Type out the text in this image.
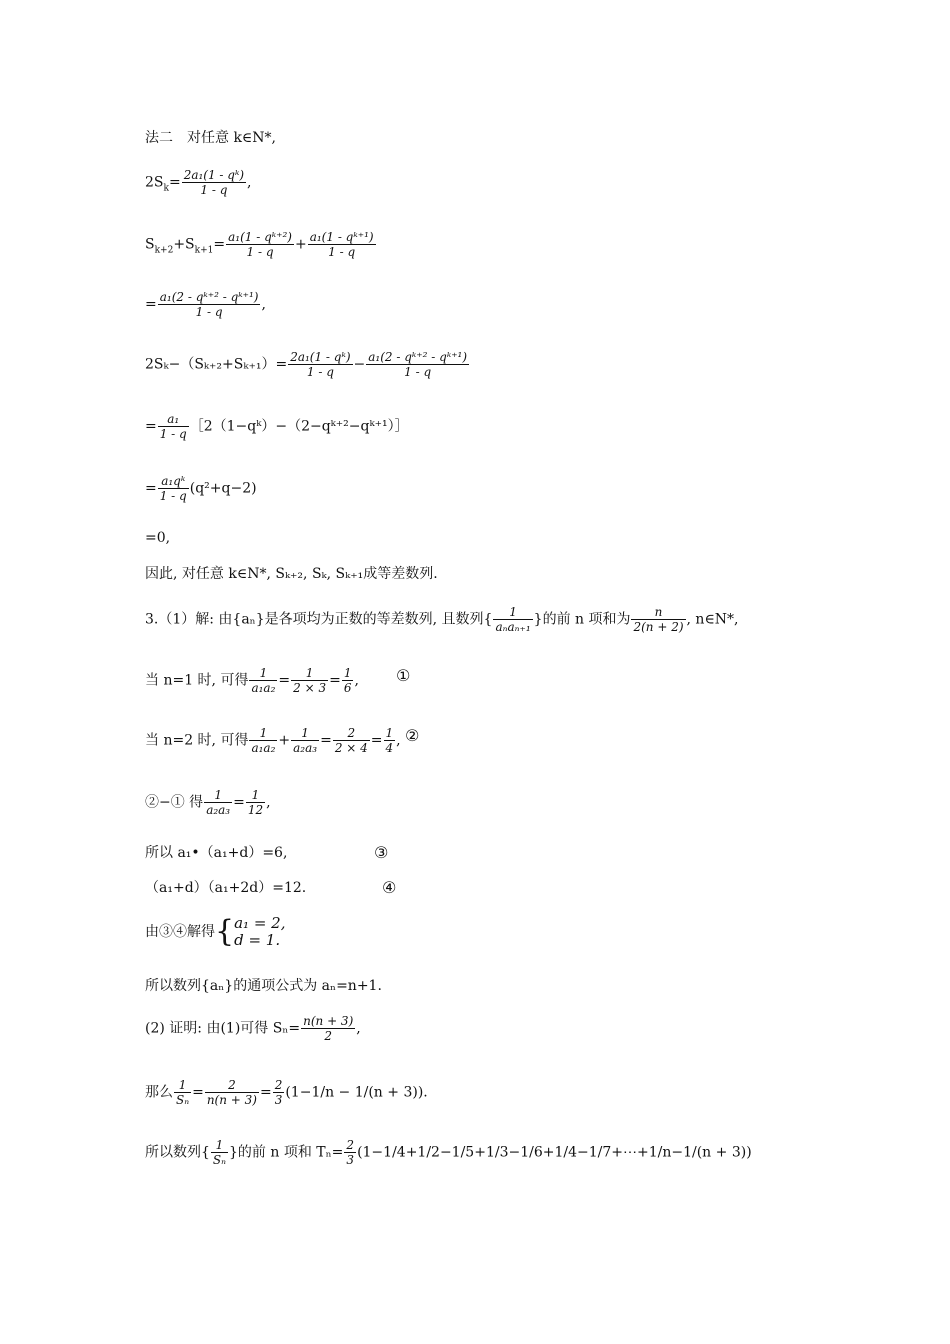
法二　对任意 k∈N*,
$2S_k= \frac{\text{2a₁(1 - qᵏ)}}{1 - q}$ ,
$S_{k+2}+S_{k+1}= \frac{\text{a₁(1 - qᵏ⁺²)}}{1 - q} + \frac{\text{a₁(1 - qᵏ⁺¹)}}{1 - q}$
= $\frac{\text{a₁(2 - qᵏ⁺² - qᵏ⁺¹)}}{1 - q}$ ,
$2S_k-(S_{k+2}+S_{k+1})= \frac{\text{2a₁(1 - qᵏ)}}{1 - q} - \frac{\text{a₁(2 - qᵏ⁺² - qᵏ⁺¹)}}{1 - q}$
= $\frac{\text{a₁}}{1 - q}$ ［2（1−qᵏ）−（2−qᵏ⁺²−qᵏ⁺¹）］
= $\frac{\text{a₁qᵏ}}{1 - q} (q^2+q-2)$
=0,
因此, 对任意 k∈N*, Sₖ₊₂, Sₖ, Sₖ₊₁成等差数列.
3.（1）解: 由{aₙ}是各项均为正数的等差数列, 且数列{ $\frac{1}{\text{aₙaₙ₊₁}}$ }的前 n 项和为 $\frac{n}{2(n + 2)}$ , n∈N*,
当 n=1 时, 可得 $\frac{1}{\text{a₁a₂}} = \frac{1}{2 \times 3} = \frac{1}{6}$ , ①
当 n=2 时, 可得 $\frac{1}{\text{a₁a₂}} + \frac{1}{\text{a₂a₃}} = \frac{2}{2 \times 4} = \frac{1}{4}$ , ②
②−① 得 $\frac{1}{\text{a₂a₃}} = \frac{1}{12}$ ,
所以 a₁•（a₁+d）=6,	③
（a₁+d）（a₁+2d）=12.	④
由③④解得{ a₁ = 2,
d = 1.
所以数列{aₙ}的通项公式为 aₙ=n+1.
(2) 证明: 由(1)可得 $S_n= \frac{n(n + 3)}{2}$ ,
那么 $\frac{1}{\text{Sₙ}} = \frac{2}{n(n + 3)} = \frac{2}{3} (1-1/n - 1/(n + 3))$.
所以数列{ $\frac{1}{\text{Sₙ}}$ }的前 n 项和 $T_n= \frac{2}{3}$ (1−1/4+1/2−1/5+1/3−1/6+1/4−1/7+⋯+1/n−1/(n + 3))
